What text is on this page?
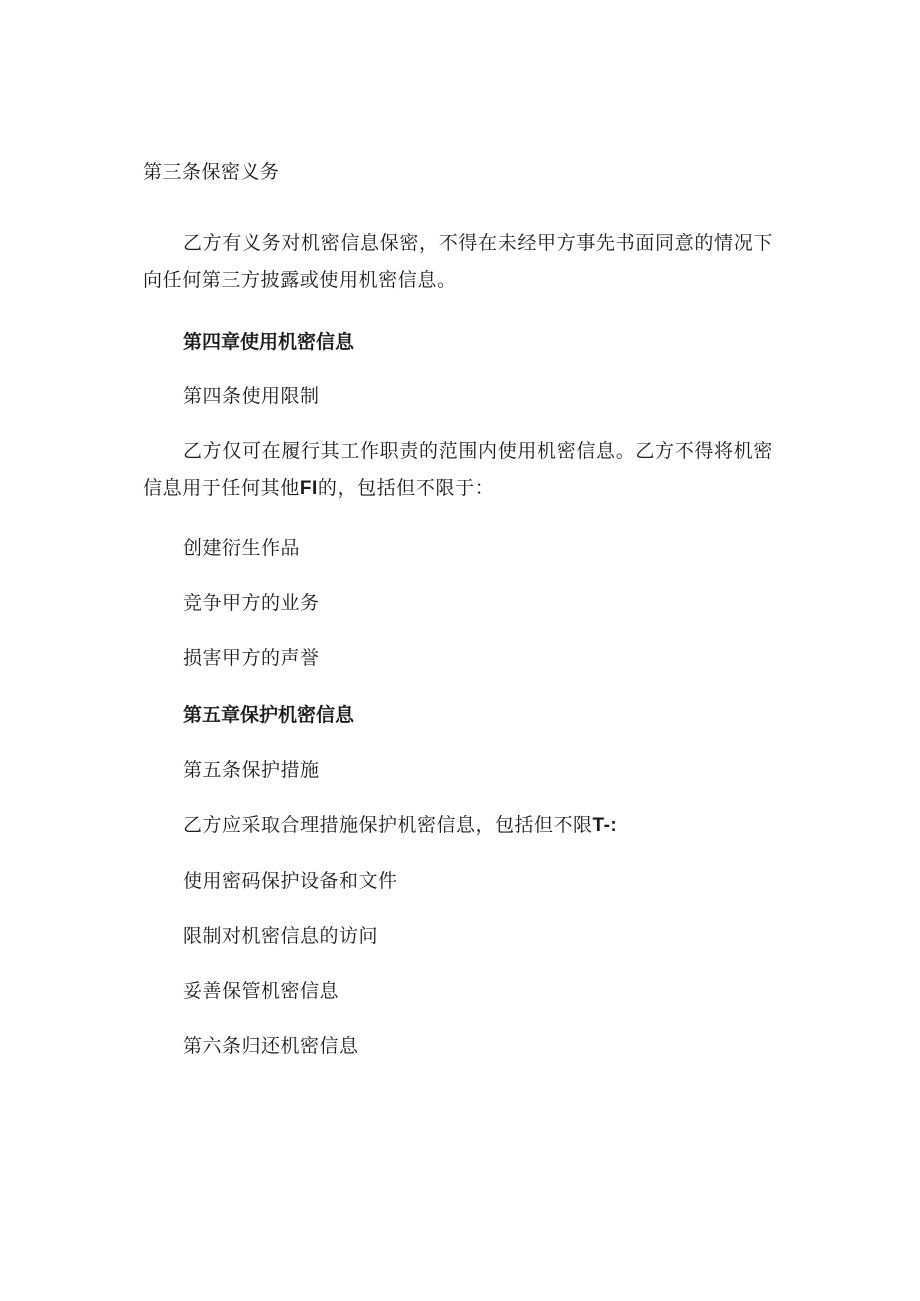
第三条保密义务
乙方有义务对机密信息保密，不得在未经甲方事先书面同意的情况下向任何第三方披露或使用机密信息。
第四章使用机密信息
第四条使用限制
乙方仅可在履行其工作职责的范围内使用机密信息。乙方不得将机密信息用于任何其他FI的，包括但不限于：
创建衍生作品
竞争甲方的业务
损害甲方的声誉
第五章保护机密信息
第五条保护措施
乙方应采取合理措施保护机密信息，包括但不限T-:
使用密码保护设备和文件
限制对机密信息的访问
妥善保管机密信息
第六条归还机密信息
